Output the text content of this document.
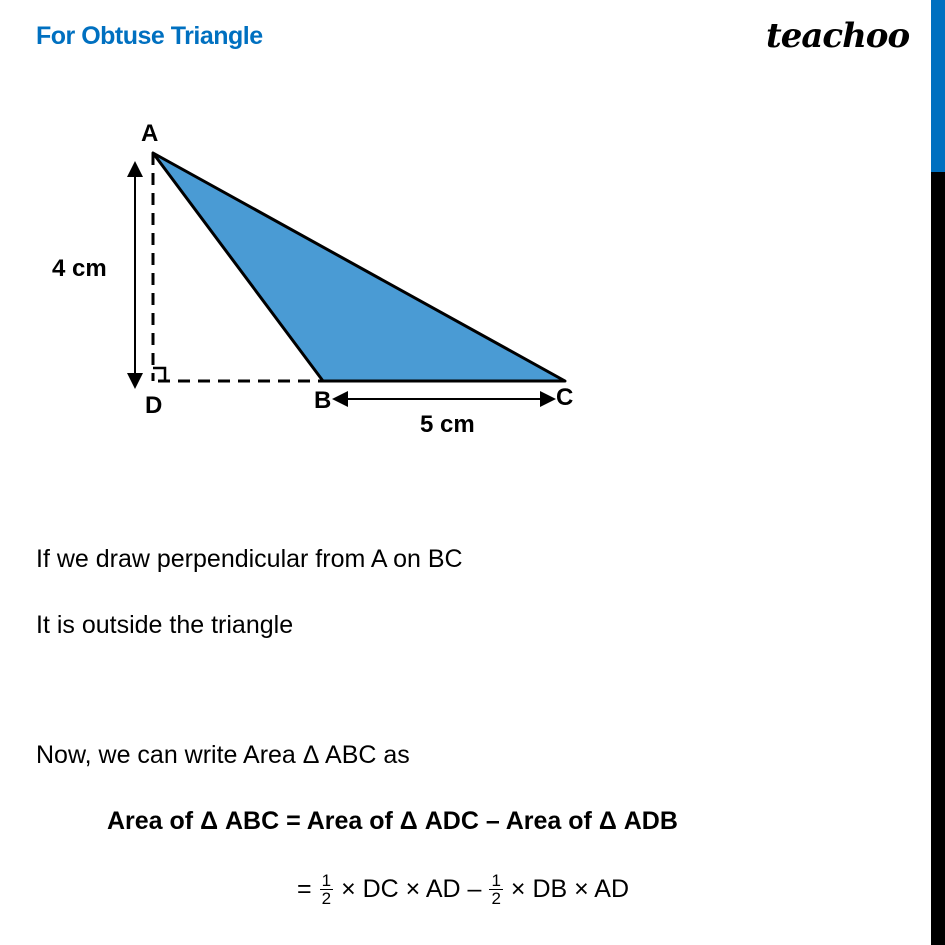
For Obtuse Triangle	teachoo
A
D	B	C
4 cm
5 cm
If we draw perpendicular from A on BC
It is outside the triangle
Now, we can write Area Δ ABC as
Area of Δ ABC = Area of Δ ADC – Area of Δ ADB
= $\frac{1}{2}$ × DC × AD – $\frac{1}{2}$ × DB × AD
